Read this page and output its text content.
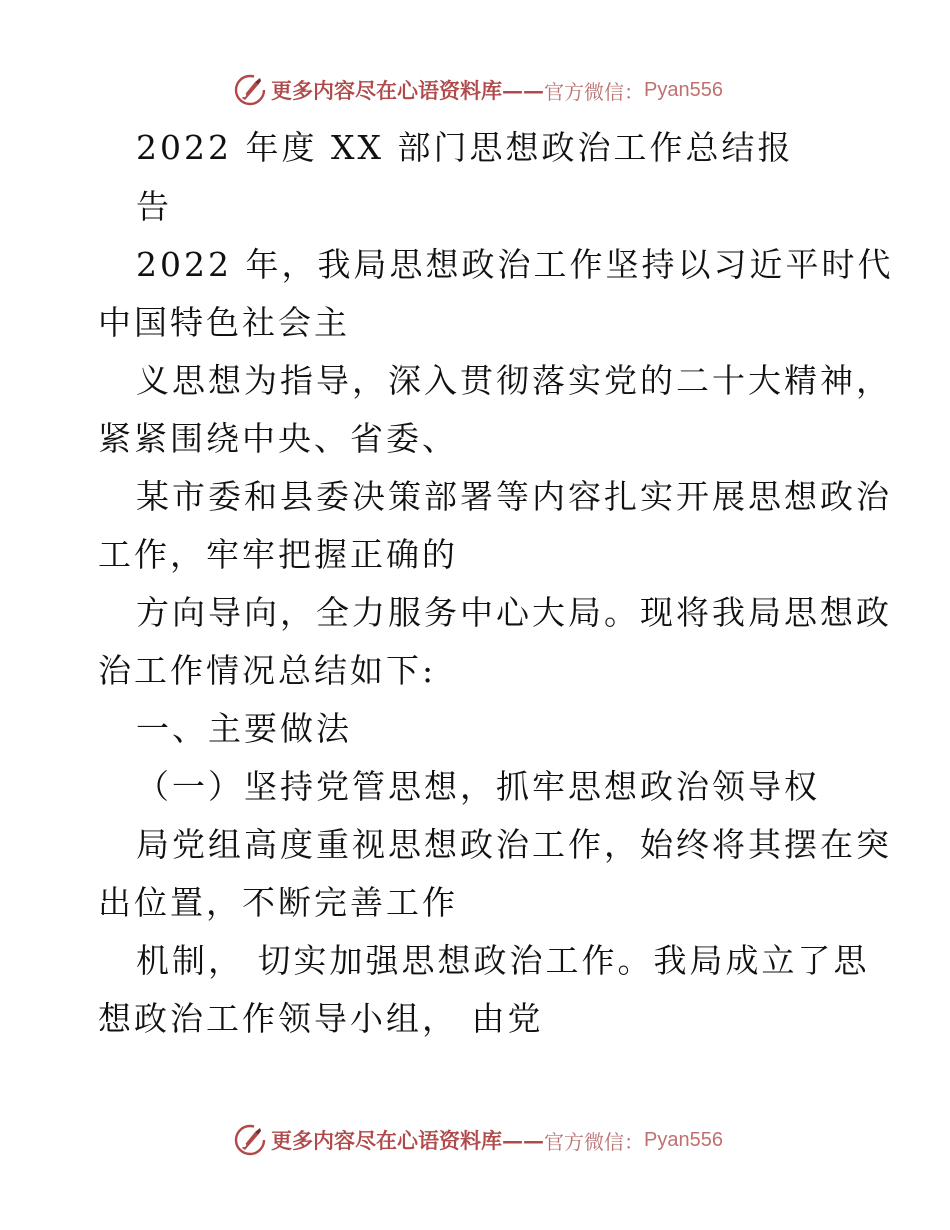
更多内容尽在心语资料库 —— 官方微信： Pyan556
2022 年度 XX 部门思想政治工作总结报
告
2022 年，我局思想政治工作坚持以习近平时代
中国特色社会主
义思想为指导，深入贯彻落实党的二十大精神，
紧紧围绕中央、省委、
某市委和县委决策部署等内容扎实开展思想政治
工作，牢牢把握正确的
方向导向，全力服务中心大局。现将我局思想政
治工作情况总结如下:
一、主要做法
（一）坚持党管思想，抓牢思想政治领导权
局党组高度重视思想政治工作，始终将其摆在突
出位置，不断完善工作
机制， 切实加强思想政治工作。我局成立了思
想政治工作领导小组， 由党
更多内容尽在心语资料库 —— 官方微信： Pyan556
